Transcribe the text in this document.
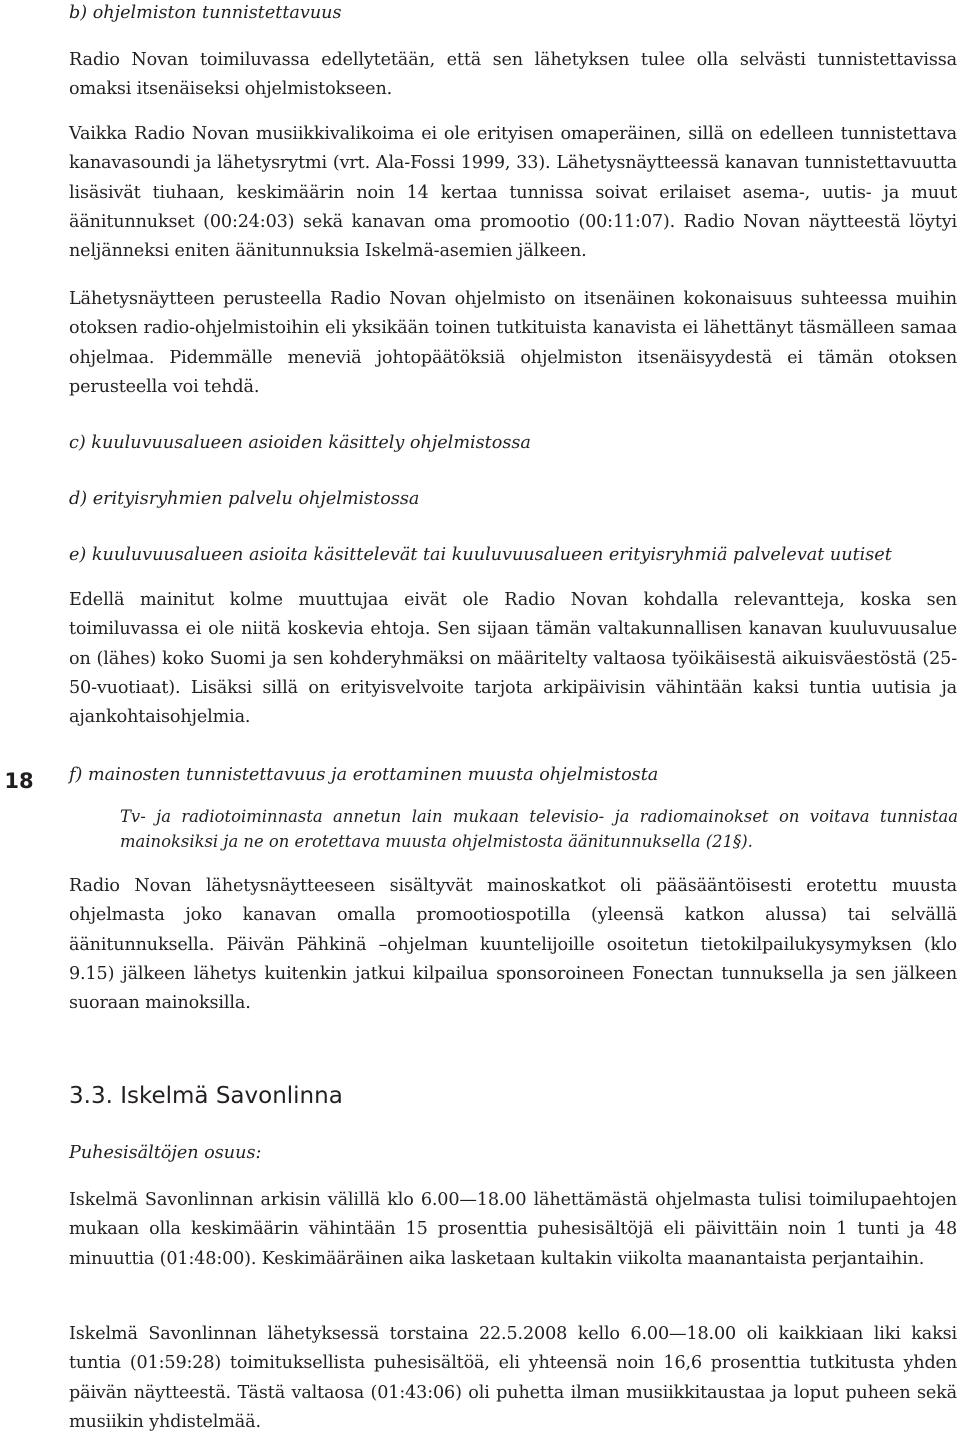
18
b) ohjelmiston tunnistettavuus
Radio Novan toimiluvassa edellytetään, että sen lähetyksen tulee olla selvästi tunnistettavissa omaksi itsenäiseksi ohjelmistokseen.
Vaikka Radio Novan musiikkivalikoima ei ole erityisen omaperäinen, sillä on edelleen tunnistettava kanavasoundi ja lähetysrytmi (vrt. Ala-Fossi 1999, 33). Lähetysnäytteessä kanavan tunnistettavuutta lisäsivät tiuhaan, keskimäärin noin 14 kertaa tunnissa soivat erilaiset asema-, uutis- ja muut äänitunnukset (00:24:03) sekä kanavan oma promootio (00:11:07). Radio Novan näytteestä löytyi neljänneksi eniten äänitunnuksia Iskelmä-asemien jälkeen.
Lähetysnäytteen perusteella Radio Novan ohjelmisto on itsenäinen kokonaisuus suhteessa muihin otoksen radio-ohjelmistoihin eli yksikään toinen tutkituista kanavista ei lähettänyt täsmälleen samaa ohjelmaa. Pidemmälle meneviä johtopäätöksiä ohjelmiston itsenäisyydestä ei tämän otoksen perusteella voi tehdä.
c) kuuluvuusalueen asioiden käsittely ohjelmistossa
d) erityisryhmien palvelu ohjelmistossa
e) kuuluvuusalueen asioita käsittelevät tai kuuluvuusalueen erityisryhmiä palvelevat uutiset
Edellä mainitut kolme muuttujaa eivät ole Radio Novan kohdalla relevantteja, koska sen toimiluvassa ei ole niitä koskevia ehtoja. Sen sijaan tämän valtakunnallisen kanavan kuuluvuusalue on (lähes) koko Suomi ja sen kohderyhmäksi on määritelty valtaosa työikäisestä aikuisväestöstä (25-50-vuotiaat). Lisäksi sillä on erityisvelvoite tarjota arkipäivisin vähintään kaksi tuntia uutisia ja ajankohtaisohjelmia.
f) mainosten tunnistettavuus ja erottaminen muusta ohjelmistosta
Tv- ja radiotoiminnasta annetun lain mukaan televisio- ja radiomainokset on voitava tunnistaa mainoksiksi ja ne on erotettava muusta ohjelmistosta äänitunnuksella (21§).
Radio Novan lähetysnäytteeseen sisältyvät mainoskatkot oli pääsääntöisesti erotettu muusta ohjelmasta joko kanavan omalla promootiospotilla (yleensä katkon alussa) tai selvällä äänitunnuksella. Päivän Pähkinä –ohjelman kuuntelijoille osoitetun tietokilpailukysymyksen (klo 9.15) jälkeen lähetys kuitenkin jatkui kilpailua sponsoroineen Fonectan tunnuksella ja sen jälkeen suoraan mainoksilla.
3.3. Iskelmä Savonlinna
Puhesisältöjen osuus:
Iskelmä Savonlinnan arkisin välillä klo 6.00—18.00 lähettämästä ohjelmasta tulisi toimilupaehtojen mukaan olla keskimäärin vähintään 15 prosenttia puhesisältöjä eli päivittäin noin 1 tunti ja 48 minuuttia (01:48:00). Keskimääräinen aika lasketaan kultakin viikolta maanantaista perjantaihin.
Iskelmä Savonlinnan lähetyksessä torstaina 22.5.2008 kello 6.00—18.00 oli kaikkiaan liki kaksi tuntia (01:59:28) toimituksellista puhesisältöä, eli yhteensä noin 16,6 prosenttia tutkitusta yhden päivän näytteestä. Tästä valtaosa (01:43:06) oli puhetta ilman musiikkitaustaa ja loput puheen sekä musiikin yhdistelmää.
